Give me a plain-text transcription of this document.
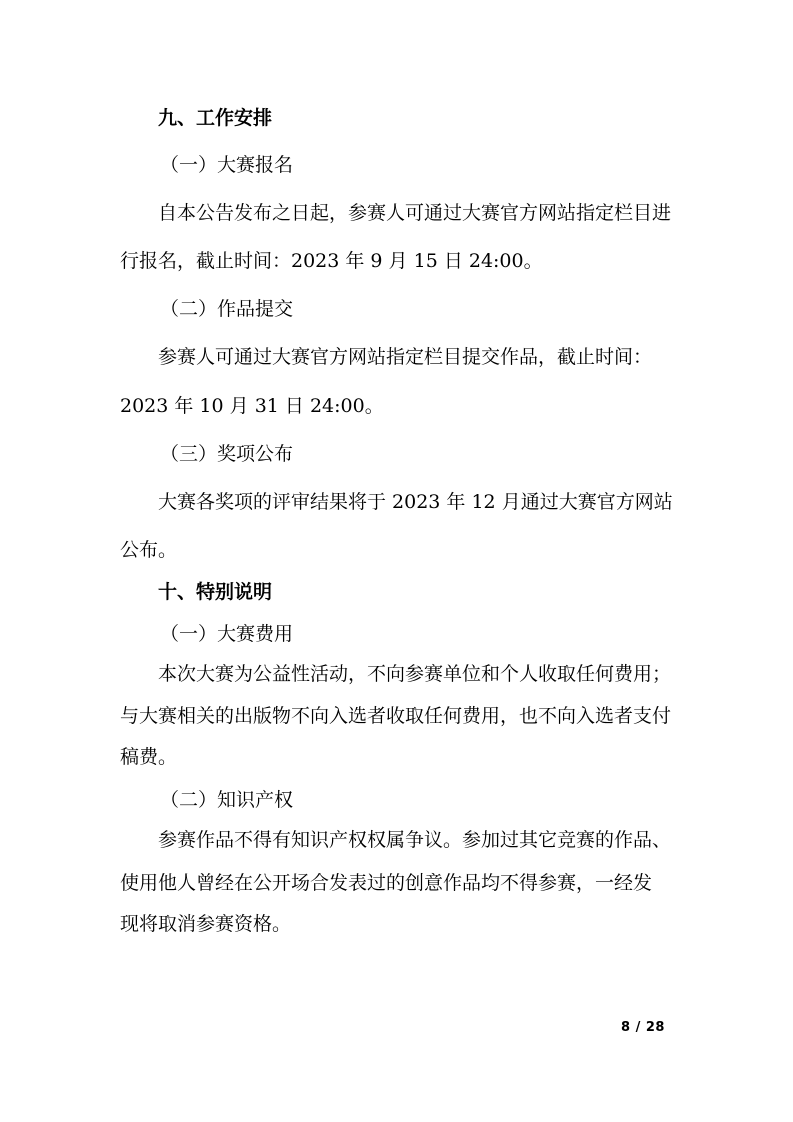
九、工作安排
（一）大赛报名
自本公告发布之日起，参赛人可通过大赛官方网站指定栏目进
行报名，截止时间：2023 年 9 月 15 日 24:00。
（二）作品提交
参赛人可通过大赛官方网站指定栏目提交作品，截止时间：
2023 年 10 月 31 日 24:00。
（三）奖项公布
大赛各奖项的评审结果将于 2023 年 12 月通过大赛官方网站
公布。
十、特别说明
（一）大赛费用
本次大赛为公益性活动，不向参赛单位和个人收取任何费用；
与大赛相关的出版物不向入选者收取任何费用，也不向入选者支付
稿费。
（二）知识产权
参赛作品不得有知识产权权属争议。参加过其它竞赛的作品、
使用他人曾经在公开场合发表过的创意作品均不得参赛，一经发
现将取消参赛资格。
8 / 28
